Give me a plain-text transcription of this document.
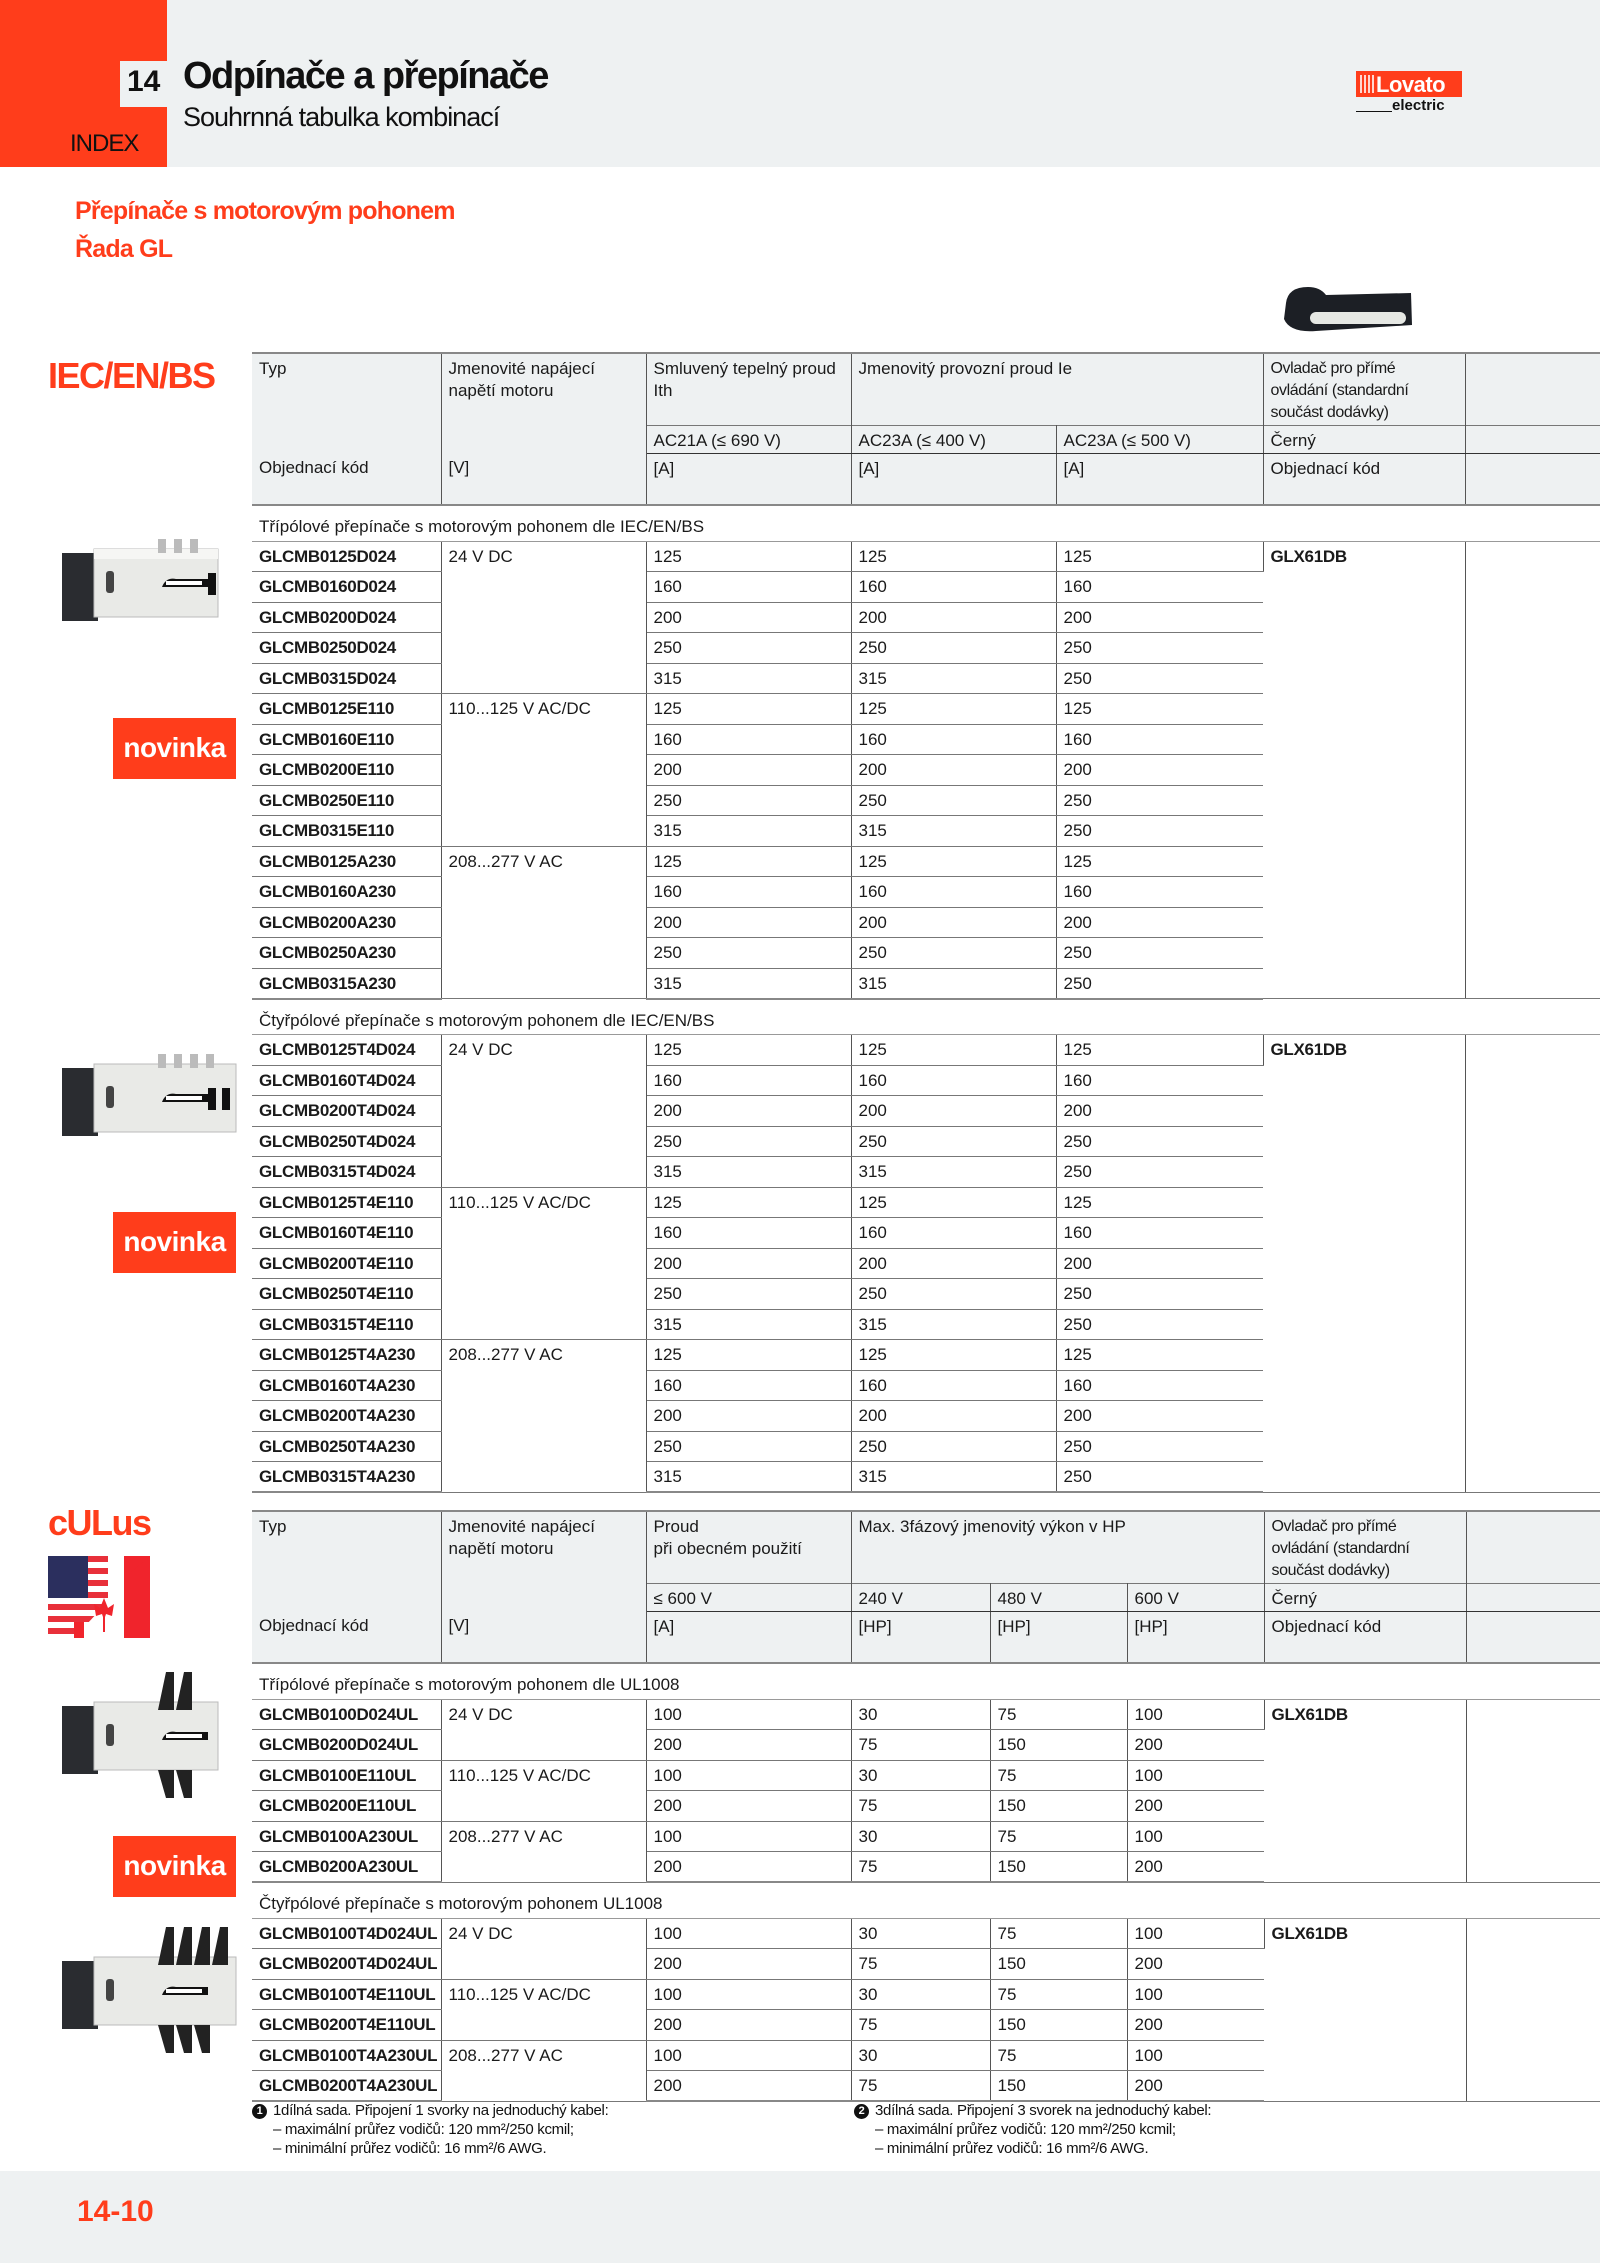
14
INDEX
Odpínače a přepínače
Souhrnná tabulka kombinací
Lovato
electric
Přepínače s motorovým pohonem
Řada GL
IEC/EN/BS
novinka
novinka
Typ	Jmenovité napájecí napětí motoru	Smluvený tepelný proud Ith	Jmenovitý provozní proud Ie		Ovladač pro přímé ovládání (standardní součást dodávky)	
		AC21A (≤ 690 V)	AC23A (≤ 400 V)	AC23A (≤ 500 V)	Černý	
Objednací kód	[V]	[A]	[A]	[A]	Objednací kód	

Třípólové přepínače s motorovým pohonem dle IEC/EN/BS						
GLCMB0125D024	24 V DC	125	125	125	GLX61DB	
GLCMB0160D024		160	160	160		
GLCMB0200D024		200	200	200		
GLCMB0250D024		250	250	250		
GLCMB0315D024		315	315	250		
GLCMB0125E110	110...125 V AC/DC	125	125	125		
GLCMB0160E110		160	160	160		
GLCMB0200E110		200	200	200		
GLCMB0250E110		250	250	250		
GLCMB0315E110		315	315	250		
GLCMB0125A230	208...277 V AC	125	125	125		
GLCMB0160A230		160	160	160		
GLCMB0200A230		200	200	200		
GLCMB0250A230		250	250	250		
GLCMB0315A230		315	315	250		

Čtyřpólové přepínače s motorovým pohonem dle IEC/EN/BS						
GLCMB0125T4D024	24 V DC	125	125	125	GLX61DB	
GLCMB0160T4D024		160	160	160		
GLCMB0200T4D024		200	200	200		
GLCMB0250T4D024		250	250	250		
GLCMB0315T4D024		315	315	250		
GLCMB0125T4E110	110...125 V AC/DC	125	125	125		
GLCMB0160T4E110		160	160	160		
GLCMB0200T4E110		200	200	200		
GLCMB0250T4E110		250	250	250		
GLCMB0315T4E110		315	315	250		
GLCMB0125T4A230	208...277 V AC	125	125	125		
GLCMB0160T4A230		160	160	160		
GLCMB0200T4A230		200	200	200		
GLCMB0250T4A230		250	250	250		
GLCMB0315T4A230		315	315	250		
cULus
novinka
Typ	Jmenovité napájecí napětí motoru	Proud
při obecném použití	Max. 3fázový jmenovitý výkon v HP			Ovladač pro přímé ovládání (standardní součást dodávky)	
		≤ 600 V	240 V	480 V	600 V	Černý	
Objednací kód	[V]	[A]	[HP]	[HP]	[HP]	Objednací kód	

Třípólové přepínače s motorovým pohonem dle UL1008							
GLCMB0100D024UL	24 V DC	100	30	75	100	GLX61DB	
GLCMB0200D024UL		200	75	150	200		
GLCMB0100E110UL	110...125 V AC/DC	100	30	75	100		
GLCMB0200E110UL		200	75	150	200		
GLCMB0100A230UL	208...277 V AC	100	30	75	100		
GLCMB0200A230UL		200	75	150	200		

Čtyřpólové přepínače s motorovým pohonem UL1008							
GLCMB0100T4D024UL	24 V DC	100	30	75	100	GLX61DB	
GLCMB0200T4D024UL		200	75	150	200		
GLCMB0100T4E110UL	110...125 V AC/DC	100	30	75	100		
GLCMB0200T4E110UL		200	75	150	200		
GLCMB0100T4A230UL	208...277 V AC	100	30	75	100		
GLCMB0200T4A230UL		200	75	150	200		
1 1dílná sada. Připojení 1 svorky na jednoduchý kabel:
– maximální průřez vodičů: 120 mm²/250 kcmil;
– minimální průřez vodičů: 16 mm²/6 AWG.
2 3dílná sada. Připojení 3 svorek na jednoduchý kabel:
– maximální průřez vodičů: 120 mm²/250 kcmil;
– minimální průřez vodičů: 16 mm²/6 AWG.
14-10
